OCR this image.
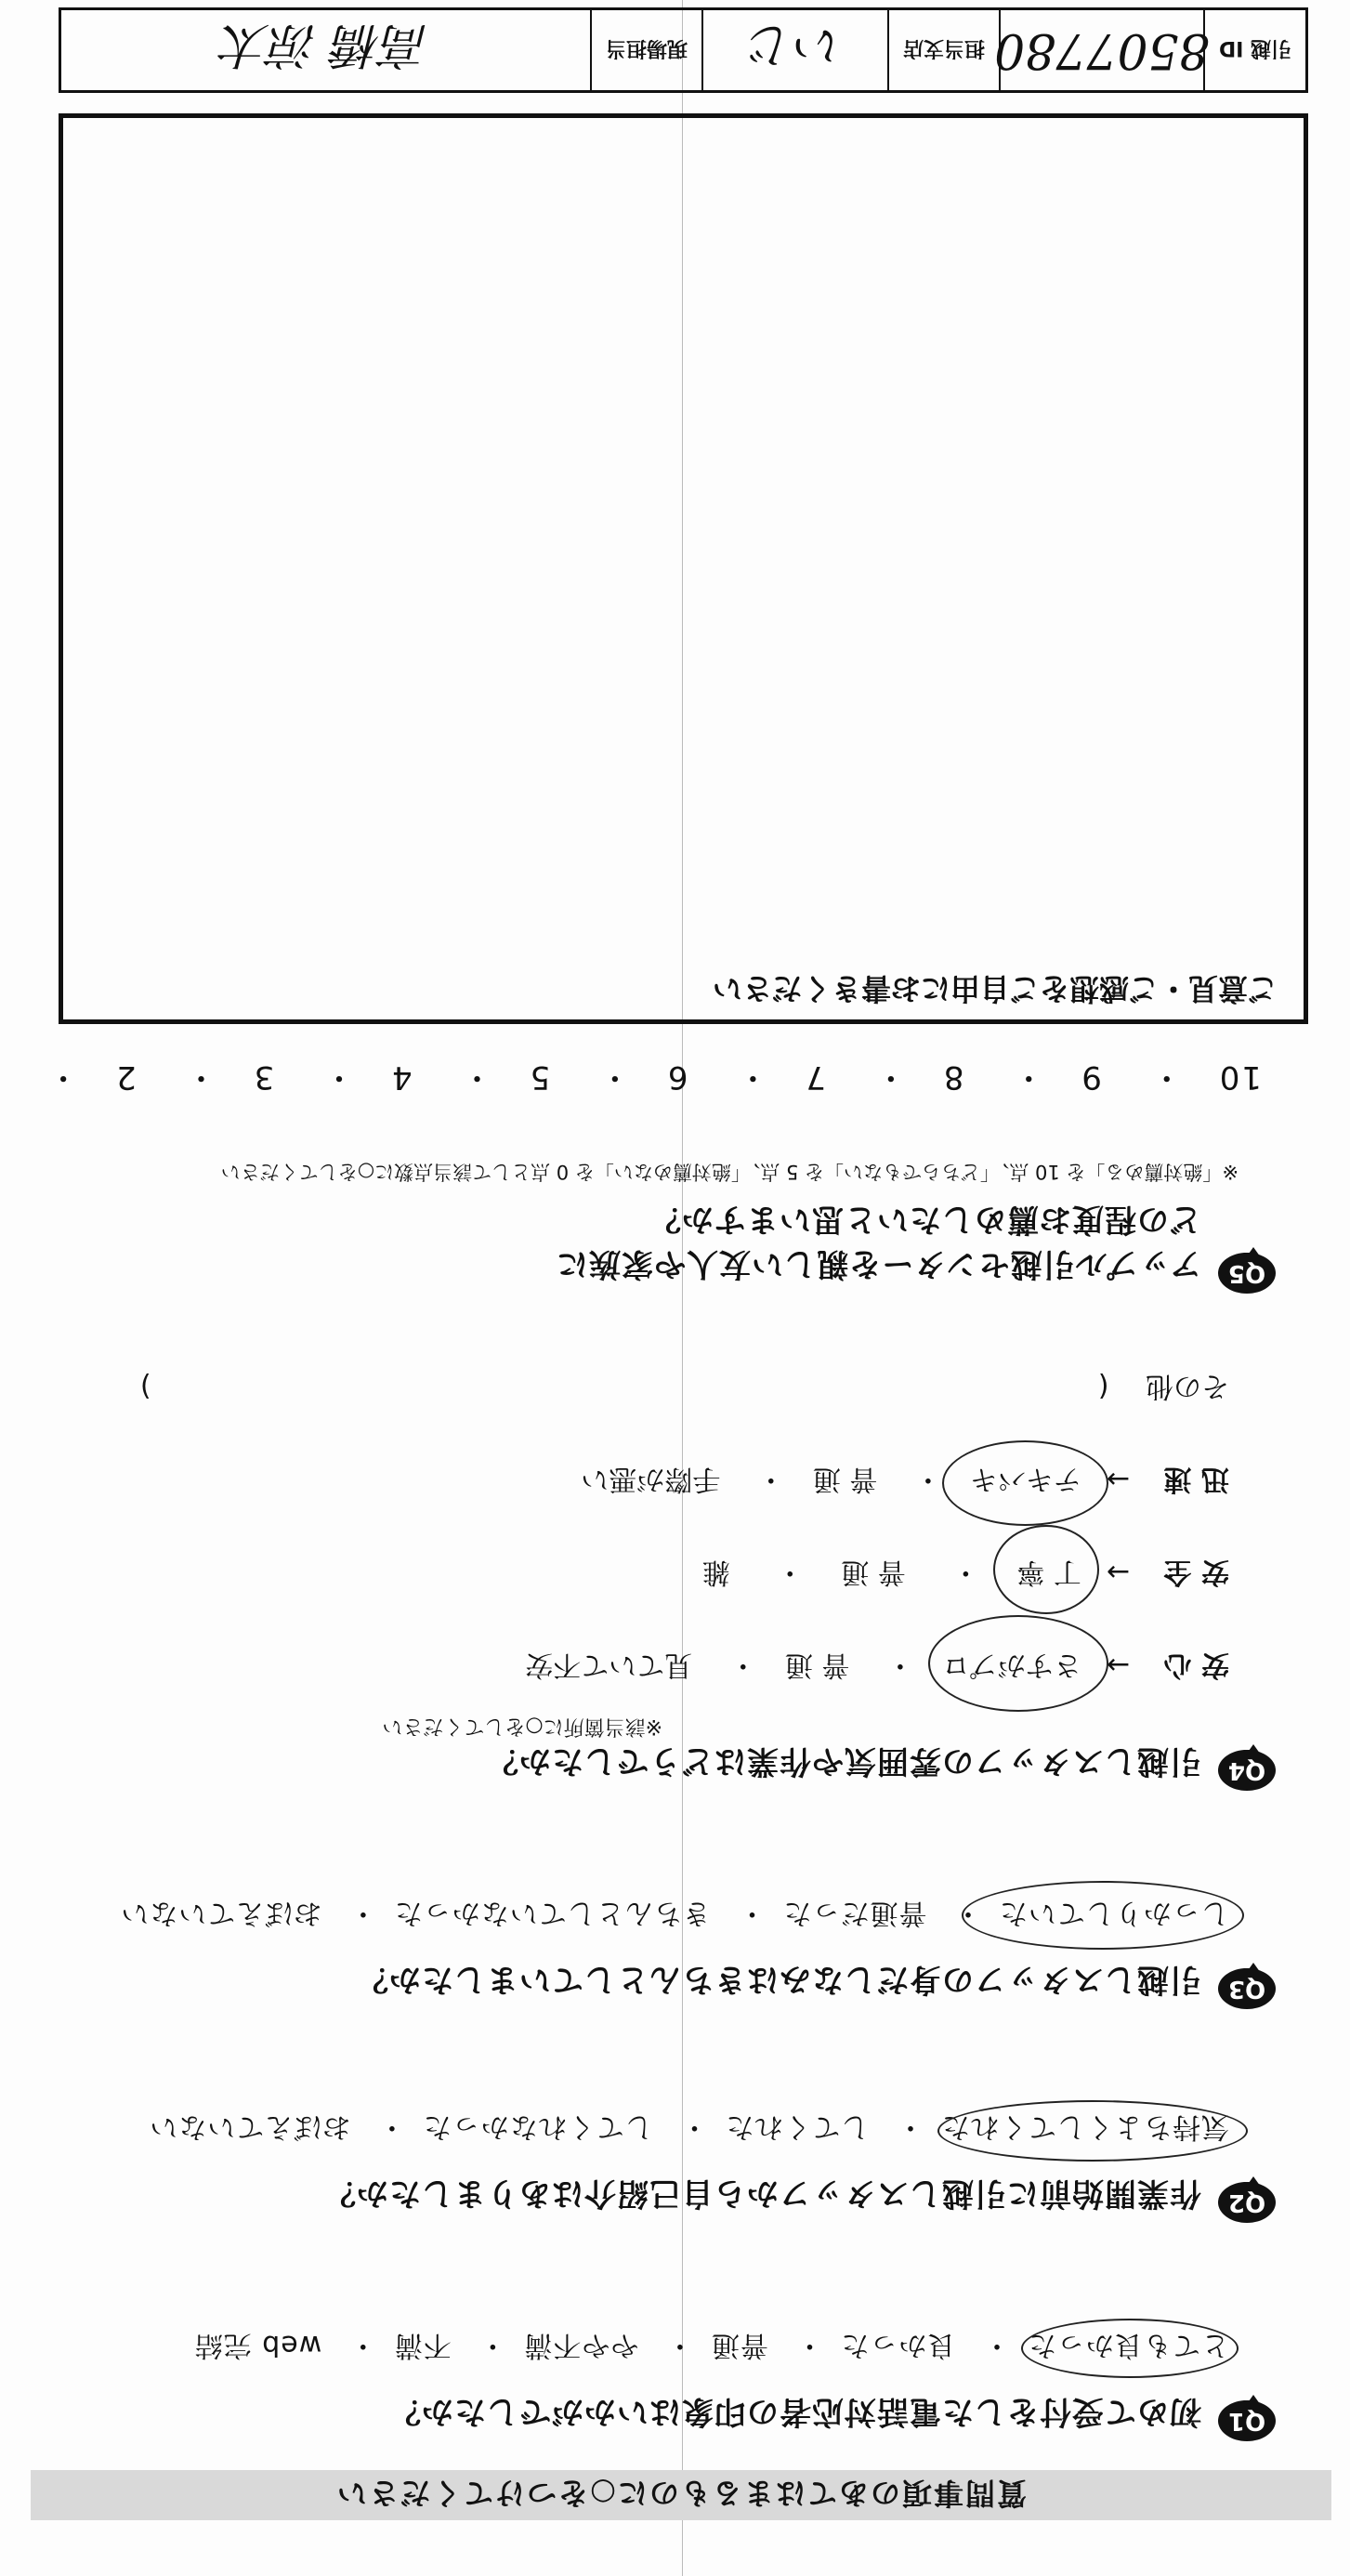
質問事項のあてはまるものに○をつけてください
Q1
初めて受付をした電話対応者の印象はいかがでしたか？
とても良かった・ 良かった・ 普通・ やや不満・ 不満・ web 完結
Q2
作業開始前に引越しスタッフから自己紹介はありましたか？
気持ちよくしてくれた・ してくれた・ してくれなかった・ おぼえていない
Q3
引越しスタッフの身だしなみはきちんとしていましたか？
しっかりしていた・ 普通だった・ きちんとしていなかった・ おぼえていない
Q4
引越しスタッフの雰囲気や作業はどうでしたか？
※該当箇所に○をしてください
安 心 → さすがプロ・ 普 通・ 見ていて不安
安 全 → 丁 寧・ 普 通・ 雑
迅 速 → テキパキ・ 普 通・ 手際が悪い
その他 (  )
Q5
アップル引越センターを親しい友人や家族に
どの程度お薦めしたいと思いますか？
※「絶対薦める」を 10 点、「どちらでもない」を 5 点、「絶対薦めない」を 0 点として該当点数に○をしてください
10・ 9・ 8・ 7・ 6・ 5・ 4・ 3・ 2・
ご意見・ご感想をご自由にお書きください
引越 ID
8507780
担当支店
いじ
現場担当
高橋 涼太
